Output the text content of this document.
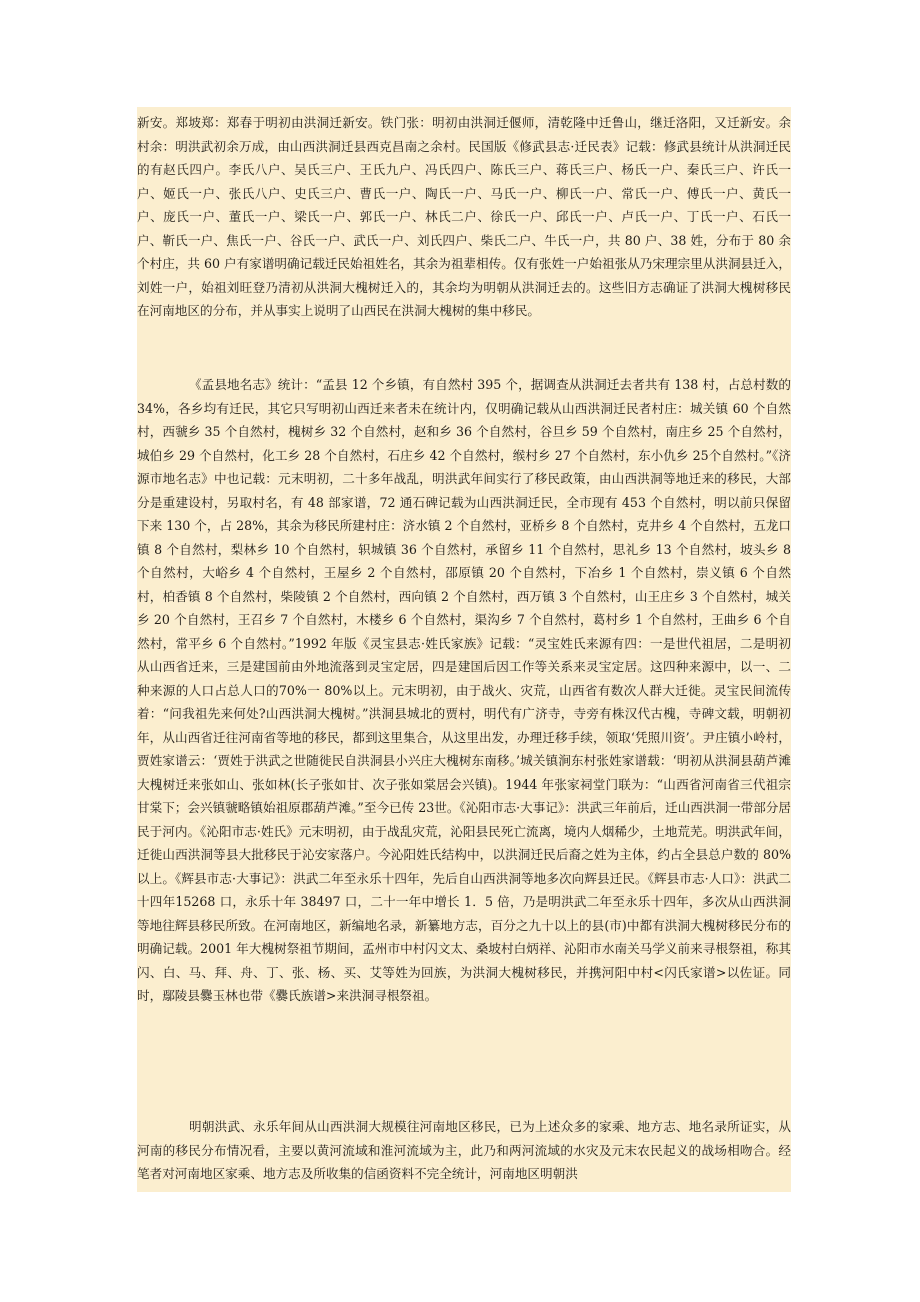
新安。郑坡郑：郑春于明初由洪洞迁新安。铁门张：明初由洪洞迁偃师，清乾隆中迁鲁山，继迁洛阳，又迁新安。余村余：明洪武初余万成，由山西洪洞迁县西克昌南之余村。民国版《修武县志·迁民表》记载：修武县统计从洪洞迁民的有赵氏四户。李氏八户、吴氏三户、王氏九户、冯氏四户、陈氏三户、蒋氏三户、杨氏一户、秦氏三户、许氏一户、姬氏一户、张氏八户、史氏三户、曹氏一户、陶氏一户、马氏一户、柳氏一户、常氏一户、傅氏一户、黄氏一户、庞氏一户、董氏一户、梁氏一户、郭氏一户、林氏二户、徐氏一户、邱氏一户、卢氏一户、丁氏一户、石氏一户、靳氏一户、焦氏一户、谷氏一户、武氏一户、刘氏四户、柴氏二户、牛氏一户，共 80 户、38 姓，分布于 80 余个村庄，共 60 户有家谱明确记载迁民始祖姓名，其余为祖辈相传。仅有张姓一户始祖张从乃宋理宗里从洪洞县迁入，刘姓一户，始祖刘旺登乃清初从洪洞大槐树迁入的，其余均为明朝从洪洞迁去的。这些旧方志确证了洪洞大槐树移民在河南地区的分布，并从事实上说明了山西民在洪洞大槐树的集中移民。

《孟县地名志》统计：“孟县 12 个乡镇，有自然村 395 个，据调查从洪洞迁去者共有 138 村，占总村数的 34%，各乡均有迁民，其它只写明初山西迁来者未在统计内，仅明确记载从山西洪洞迁民者村庄：城关镇 60 个自然村，西虢乡 35 个自然村，槐树乡 32 个自然村，赵和乡 36 个自然村，谷旦乡 59 个自然村，南庄乡 25 个自然村，城伯乡 29 个自然村，化工乡 28 个自然村，石庄乡 42 个自然村，缑村乡 27 个自然村，东小仇乡 25个自然村。”《济源市地名志》中也记载：元末明初，二十多年战乱，明洪武年间实行了移民政策，由山西洪洞等地迁来的移民，大部分是重建设村，另取村名，有 48 部家谱，72 通石碑记载为山西洪洞迁民，全市现有 453 个自然村，明以前只保留下来 130 个，占 28%，其余为移民所建村庄：济水镇 2 个自然村，亚桥乡 8 个自然村，克井乡 4 个自然村，五龙口镇 8 个自然村，梨林乡 10 个自然村，轵城镇 36 个自然村，承留乡 11 个自然村，思礼乡 13 个自然村，坡头乡 8 个自然村，大峪乡 4 个自然村，王屋乡 2 个自然村，邵原镇 20 个自然村，下冶乡 1 个自然村，崇义镇 6 个自然村，柏香镇 8 个自然村，柴陵镇 2 个自然村，西向镇 2 个自然村，西万镇 3 个自然村，山王庄乡 3 个自然村，城关乡 20 个自然村，王召乡 7 个自然村，木楼乡 6 个自然村，渠沟乡 7 个自然村，葛村乡 1 个自然村，王曲乡 6 个自然村，常平乡 6 个自然村。”1992 年版《灵宝县志·姓氏家族》记载：“灵宝姓氏来源有四：一是世代祖居，二是明初从山西省迁来，三是建国前由外地流落到灵宝定居，四是建国后因工作等关系来灵宝定居。这四种来源中，以一、二种来源的人口占总人口的70%一 80%以上。元末明初，由于战火、灾荒，山西省有数次人群大迁徙。灵宝民间流传着：“问我祖先来何处?山西洪洞大槐树。”洪洞县城北的贾村，明代有广济寺，寺旁有株汉代古槐，寺碑文载，明朝初年，从山西省迁往河南省等地的移民，都到这里集合，从这里出发，办理迁移手续，领取‘凭照川资’。尹庄镇小岭村，贾姓家谱云：‘贾姓于洪武之世随徙民自洪洞县小兴庄大槐树东南移。’城关镇涧东村张姓家谱载：‘明初从洪洞县葫芦滩大槐树迁来张如山、张如林(长子张如甘、次子张如棠居会兴镇)。1944 年张家祠堂门联为：“山西省河南省三代祖宗甘棠下；会兴镇虢略镇始祖原郡葫芦滩。”至今已传 23世。《沁阳市志·大事记》：洪武三年前后，迁山西洪洞一带部分居民于河内。《沁阳市志·姓氏》元末明初，由于战乱灾荒，沁阳县民死亡流离，境内人烟稀少，土地荒芜。明洪武年间，迁徙山西洪洞等县大批移民于沁安家落户。今沁阳姓氏结构中，以洪洞迁民后裔之姓为主体，约占全县总户数的 80%以上。《辉县市志·大事记》：洪武二年至永乐十四年，先后自山西洪洞等地多次向辉县迁民。《辉县市志·人口》：洪武二十四年15268 口，永乐十年 38497 口，二十一年中增长 1．5 倍，乃是明洪武二年至永乐十四年，多次从山西洪洞等地往辉县移民所致。在河南地区，新编地名录，新纂地方志，百分之九十以上的县(市)中都有洪洞大槐树移民分布的明确记载。2001 年大槐树祭祖节期间，孟州市中村闪文太、桑坡村白炳祥、沁阳市水南关马学义前来寻根祭祖，称其闪、白、马、拜、舟、丁、张、杨、买、艾等姓为回族，为洪洞大槐树移民，并携河阳中村<闪氏家谱>以佐证。同时，鄢陵县爨玉林也带《爨氏族谱>来洪洞寻根祭祖。

明朝洪武、永乐年间从山西洪洞大规模往河南地区移民，已为上述众多的家乘、地方志、地名录所证实，从河南的移民分布情况看，主要以黄河流域和淮河流域为主，此乃和两河流域的水灾及元末农民起义的战场相吻合。经笔者对河南地区家乘、地方志及所收集的信函资料不完全统计，河南地区明朝洪
